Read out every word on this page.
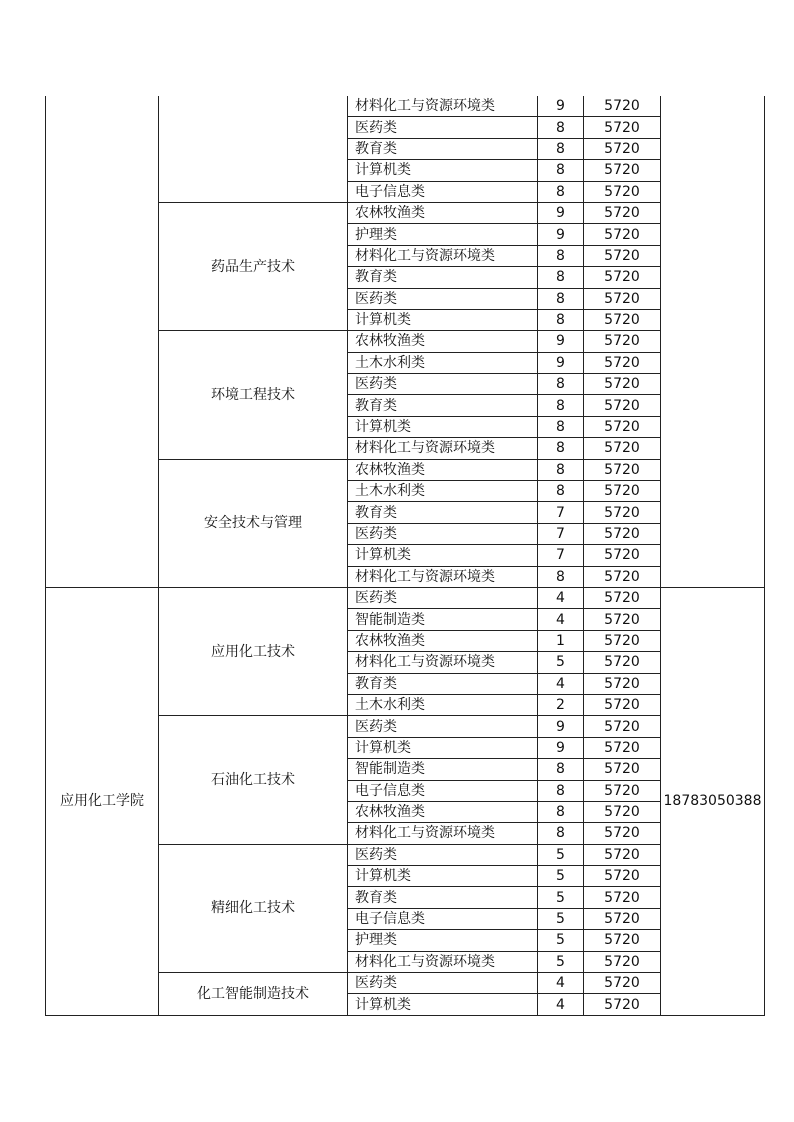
		材料化工与资源环境类	9	5720	
		医药类	8	5720	
		教育类	8	5720	
		计算机类	8	5720	
		电子信息类	8	5720	
	药品生产技术	农林牧渔类	9	5720	
		护理类	9	5720	
		材料化工与资源环境类	8	5720	
		教育类	8	5720	
		医药类	8	5720	
		计算机类	8	5720	
	环境工程技术	农林牧渔类	9	5720	
		土木水利类	9	5720	
		医药类	8	5720	
		教育类	8	5720	
		计算机类	8	5720	
		材料化工与资源环境类	8	5720	
	安全技术与管理	农林牧渔类	8	5720	
		土木水利类	8	5720	
		教育类	7	5720	
		医药类	7	5720	
		计算机类	7	5720	
		材料化工与资源环境类	8	5720	
应用化工学院	应用化工技术	医药类	4	5720	18783050388
		智能制造类	4	5720	
		农林牧渔类	1	5720	
		材料化工与资源环境类	5	5720	
		教育类	4	5720	
		土木水利类	2	5720	
	石油化工技术	医药类	9	5720	
		计算机类	9	5720	
		智能制造类	8	5720	
		电子信息类	8	5720	
		农林牧渔类	8	5720	
		材料化工与资源环境类	8	5720	
	精细化工技术	医药类	5	5720	
		计算机类	5	5720	
		教育类	5	5720	
		电子信息类	5	5720	
		护理类	5	5720	
		材料化工与资源环境类	5	5720	
	化工智能制造技术	医药类	4	5720	
		计算机类	4	5720	
